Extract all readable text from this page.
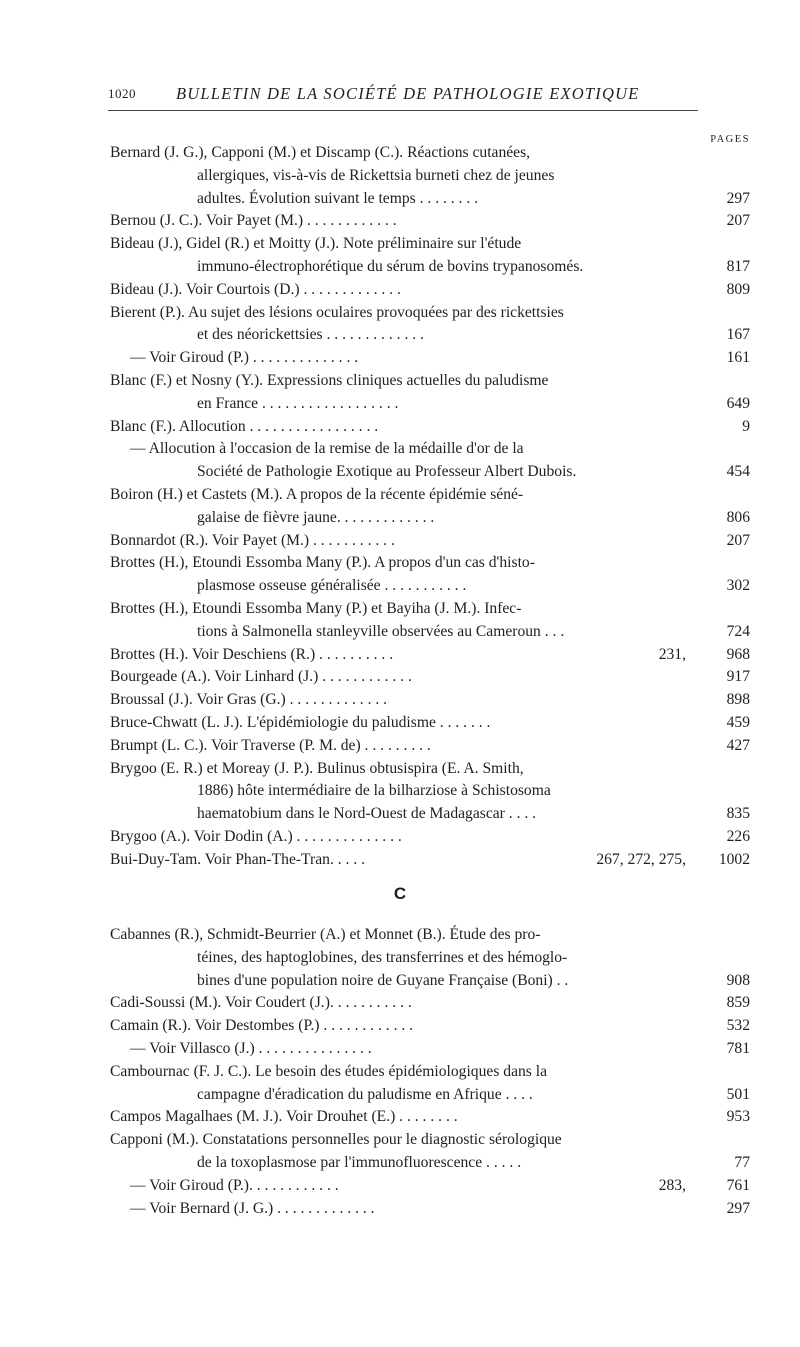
1020 BULLETIN DE LA SOCIÉTÉ DE PATHOLOGIE EXOTIQUE
PAGES
Bernard (J. G.), Capponi (M.) et Discamp (C.). Réactions cutanées,
allergiques, vis-à-vis de Rickettsia burneti chez de jeunes
adultes. Évolution suivant le temps . . . . . . . .	297
Bernou (J. C.). Voir Payet (M.) . . . . . . . . . . . .	207
Bideau (J.), Gidel (R.) et Moitty (J.). Note préliminaire sur l'étude
immuno-électrophorétique du sérum de bovins trypanosomés.	817
Bideau (J.). Voir Courtois (D.) . . . . . . . . . . . . .	809
Bierent (P.). Au sujet des lésions oculaires provoquées par des rickettsies
et des néorickettsies . . . . . . . . . . . . .	167
— Voir Giroud (P.) . . . . . . . . . . . . . .	161
Blanc (F.) et Nosny (Y.). Expressions cliniques actuelles du paludisme
en France . . . . . . . . . . . . . . . . . .	649
Blanc (F.). Allocution . . . . . . . . . . . . . . . . .	9
— Allocution à l'occasion de la remise de la médaille d'or de la
Société de Pathologie Exotique au Professeur Albert Dubois.	454
Boiron (H.) et Castets (M.). A propos de la récente épidémie séné-
galaise de fièvre jaune. . . . . . . . . . . . .	806
Bonnardot (R.). Voir Payet (M.) . . . . . . . . . . .	207
Brottes (H.), Etoundi Essomba Many (P.). A propos d'un cas d'histo-
plasmose osseuse généralisée . . . . . . . . . . .	302
Brottes (H.), Etoundi Essomba Many (P.) et Bayiha (J. M.). Infec-
tions à Salmonella stanleyville observées au Cameroun . . .	724
Brottes (H.). Voir Deschiens (R.) . . . . . . . . . .	231,	968
Bourgeade (A.). Voir Linhard (J.) . . . . . . . . . . . .	917
Broussal (J.). Voir Gras (G.) . . . . . . . . . . . . .	898
Bruce-Chwatt (L. J.). L'épidémiologie du paludisme . . . . . . .	459
Brumpt (L. C.). Voir Traverse (P. M. de) . . . . . . . . .	427
Brygoo (E. R.) et Moreay (J. P.). Bulinus obtusispira (E. A. Smith,
1886) hôte intermédiaire de la bilharziose à Schistosoma
haematobium dans le Nord-Ouest de Madagascar . . . .	835
Brygoo (A.). Voir Dodin (A.) . . . . . . . . . . . . . .	226
Bui-Duy-Tam. Voir Phan-The-Tran. . . . .	267, 272, 275,	1002
C
Cabannes (R.), Schmidt-Beurrier (A.) et Monnet (B.). Étude des pro-
téines, des haptoglobines, des transferrines et des hémoglo-
bines d'une population noire de Guyane Française (Boni) . .	908
Cadi-Soussi (M.). Voir Coudert (J.). . . . . . . . . . .	859
Camain (R.). Voir Destombes (P.) . . . . . . . . . . . .	532
— Voir Villasco (J.) . . . . . . . . . . . . . . .	781
Cambournac (F. J. C.). Le besoin des études épidémiologiques dans la
campagne d'éradication du paludisme en Afrique . . . .	501
Campos Magalhaes (M. J.). Voir Drouhet (E.) . . . . . . . .	953
Capponi (M.). Constatations personnelles pour le diagnostic sérologique
de la toxoplasmose par l'immunofluorescence . . . . .	77
— Voir Giroud (P.). . . . . . . . . . . .	283,	761
— Voir Bernard (J. G.) . . . . . . . . . . . . .	297
